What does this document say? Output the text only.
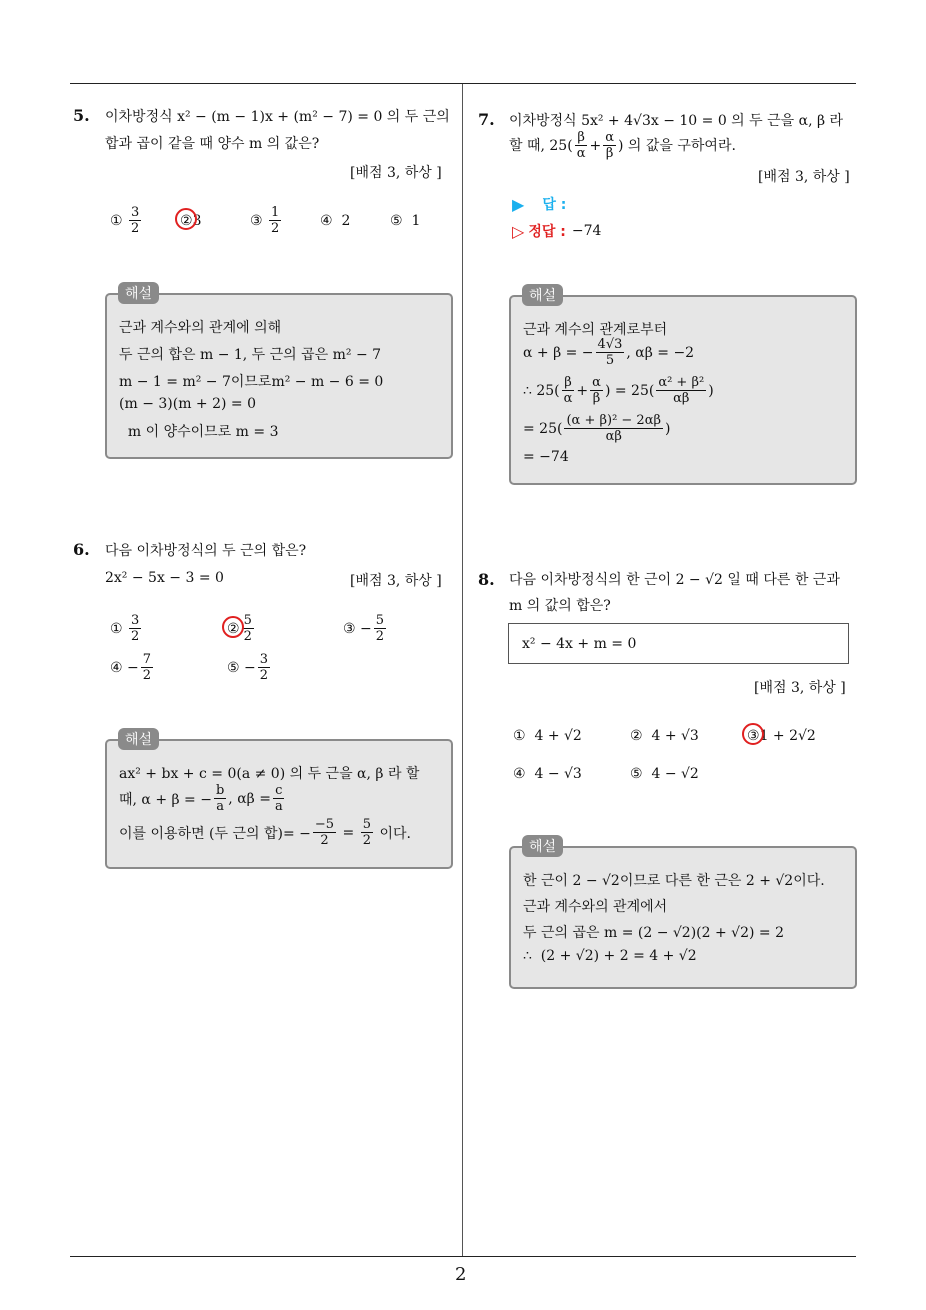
2
5. 이차방정식 x² − (m − 1)x + (m² − 7) = 0 의 두 근의
합과 곱이 같을 때 양수 m 의 값은?
[배점 3, 하상 ]
①
$\frac{3}{2}$	② 3	③
$\frac{1}{2}$	④
2	⑤
1
해설
근과 계수와의 관계에 의해
두 근의 합은 m − 1, 두 근의 곱은 m² − 7
m − 1 = m² − 7이므로m² − m − 6 = 0
(m − 3)(m + 2) = 0
m 이 양수이므로 m = 3
6. 다음 이차방정식의 두 근의 합은?
2x² − 5x − 3 = 0	[배점 3, 하상 ]
①
$\frac{3}{2}$	② $\frac{5}{2}$	③
− $\frac{5}{2}$
④
− $\frac{7}{2}$	⑤
− $\frac{3}{2}$
해설
ax² + bx + c = 0(a ≠ 0) 의 두 근을 α, β 라 할
때, α + β = − $\frac{b}{a}$ , $\alpha\beta = \frac{c}{a}$
이를 이용하면 (두 근의 합)= − $\frac{-5}{2}$
=
$\frac{5}{2}$
이다.
7. 이차방정식 5x² + 4√3x − 10 = 0 의 두 근을 α, β 라
할 때, $25( \frac{\beta}{\alpha} + \frac{\alpha}{\beta}$ ) 의 값을 구하여라.
[배점 3, 하상 ]
▶ 답 :
▷ 정답 : −74
해설
근과 계수의 관계로부터
α + β = − $\frac{4√3}{5}$ , αβ = −2
∴ $25( \frac{\beta}{\alpha} + \frac{\alpha}{\beta}$ ) = $25( \frac{\text{α² + β²}}{\alpha\beta}$ )
= $25( \frac{\text{(α + β)² − 2αβ}}{\alpha\beta}$ )
= −74
8. 다음 이차방정식의 한 근이 2 − √2 일 때 다른 한 근과
m 의 값의 합은?
x² − 4x + m = 0
[배점 3, 하상 ]
①
4 + √2	②
4 + √3	③ 1 + 2√2
④
4 − √3	⑤
4 − √2
해설
한 근이 2 − √2이므로 다른 한 근은 2 + √2이다.
근과 계수와의 관계에서
두 근의 곱은 m = (2 − √2)(2 + √2) = 2
∴  (2 + √2) + 2 = 4 + √2
